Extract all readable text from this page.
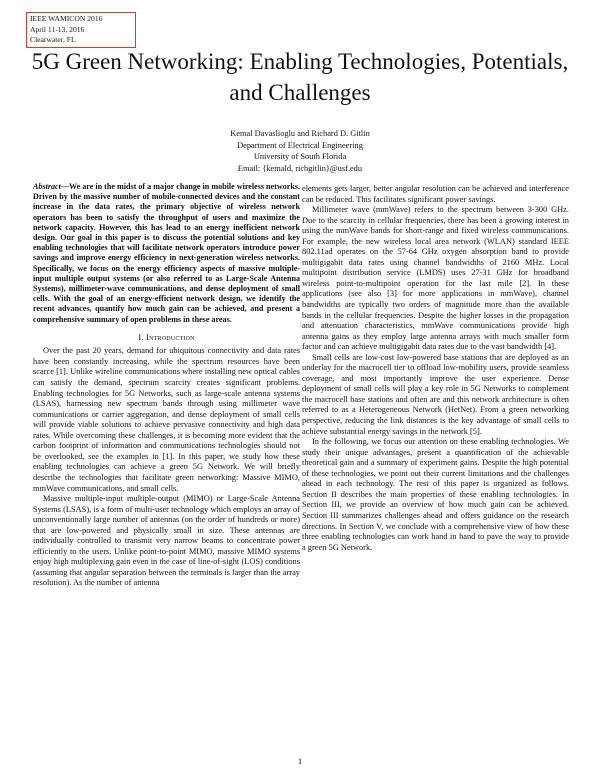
IEEE WAMICON 2016
April 11-13, 2016
Clearwater, FL
5G Green Networking: Enabling Technologies, Potentials, and Challenges
Kemal Davaslioglu and Richard D. Gitlin
Department of Electrical Engineering
University of South Florida
Email: {kemald, richgitlin}@usf.edu

Abstract—We are in the midst of a major change in mobile wireless networks. Driven by the massive number of mobile-connected devices and the constant increase in the data rates, the primary objective of wireless network operators has been to satisfy the throughput of users and maximize the network capacity. However, this has lead to an energy inefficient network design. Our goal in this paper is to discuss the potential solutions and key enabling technologies that will facilitate network operators introduce power savings and improve energy efficiency in next-generation wireless networks. Specifically, we focus on the energy efficiency aspects of massive multiple-input multiple output systems (or also referred to as Large-Scale Antenna Systems), millimeter-wave communications, and dense deployment of small cells. With the goal of an energy-efficient network design, we identify the recent advances, quantify how much gain can be achieved, and present a comprehensive summary of open problems in these areas.

I. Introduction

Over the past 20 years, demand for ubiquitous connectivity and data rates have been constantly increasing, while the spectrum resources have been scarce [1]. Unlike wireline communications where installing new optical cables can satisfy the demand, spectrum scarcity creates significant problems. Enabling technologies for 5G Networks, such as large-scale antenna systems (LSAS), harnessing new spectrum bands through using millimeter wave communications or carrier aggregation, and dense deployment of small cells will provide viable solutions to achieve pervasive connectivity and high data rates. While overcoming these challenges, it is becoming more evident that the carbon footprint of information and communications technologies should not be overlooked, see the examples in [1]. In this paper, we study how these enabling technologies can achieve a green 5G Network. We will briefly describe the technologies that facilitate green networking: Massive MIMO, mmWave communications, and small cells.

Massive multiple-input multiple-output (MIMO) or Large-Scale Antenna Systems (LSAS), is a form of multi-user technology which employs an array of unconventionally large number of antennas (on the order of hundreds or more) that are low-powered and physically small in size. These antennas are individually controlled to transmit very narrow beams to concentrate power efficiently to the users. Unlike point-to-point MIMO, massive MIMO systems enjoy high multiplexing gain even in the case of line-of-sight (LOS) conditions (assuming that angular separation between the terminals is larger than the array resolution). As the number of antenna

elements gets larger, better angular resolution can be achieved and interference can be reduced. This facilitates significant power savings.

Millimeter wave (mmWave) refers to the spectrum between 3-300 GHz. Due to the scarcity in cellular frequencies, there has been a growing interest in using the mmWave bands for short-range and fixed wireless communications. For example, the new wireless local area network (WLAN) standard IEEE 802.11ad operates on the 57-64 GHz oxygen absorption band to provide multigigabit data rates using channel bandwidths of 2160 MHz. Local multipoint distribution service (LMDS) uses 27-31 GHz for broadband wireless point-to-multipoint operation for the last mile [2]. In these applications (see also [3] for more applications in mmWave), channel bandwidths are typically two orders of magnitude more than the available bands in the cellular frequencies. Despite the higher losses in the propagation and attenuation characteristics, mmWave communications provide high antenna gains as they employ large antenna arrays with much smaller form factor and can achieve multigigabit data rates due to the vast bandwidth [4].

Small cells are low-cost low-powered base stations that are deployed as an underlay for the macrocell tier to offload low-mobility users, provide seamless coverage, and most importantly improve the user experience. Dense deployment of small cells will play a key role in 5G Networks to complement the macrocell base stations and often are and this network architecture is often referred to as a Heterogeneous Network (HetNet). From a green networking perspective, reducing the link distances is the key advantage of small cells to achieve substantial energy savings in the network [5].

In the following, we focus our attention on these enabling technologies. We study their unique advantages, present a quantification of the achievable theoretical gain and a summary of experiment gains. Despite the high potential of these technologies, we point out their current limitations and the challenges ahead in each technology. The rest of this paper is organized as follows. Section II describes the main properties of these enabling technologies. In Section III, we provide an overview of how much gain can be achieved. Section III summarizes challenges ahead and offers guidance on the research directions. In Section V, we conclude with a comprehensive view of how these three enabling technologies can work hand in hand to pave the way to provide a green 5G Network.

1
